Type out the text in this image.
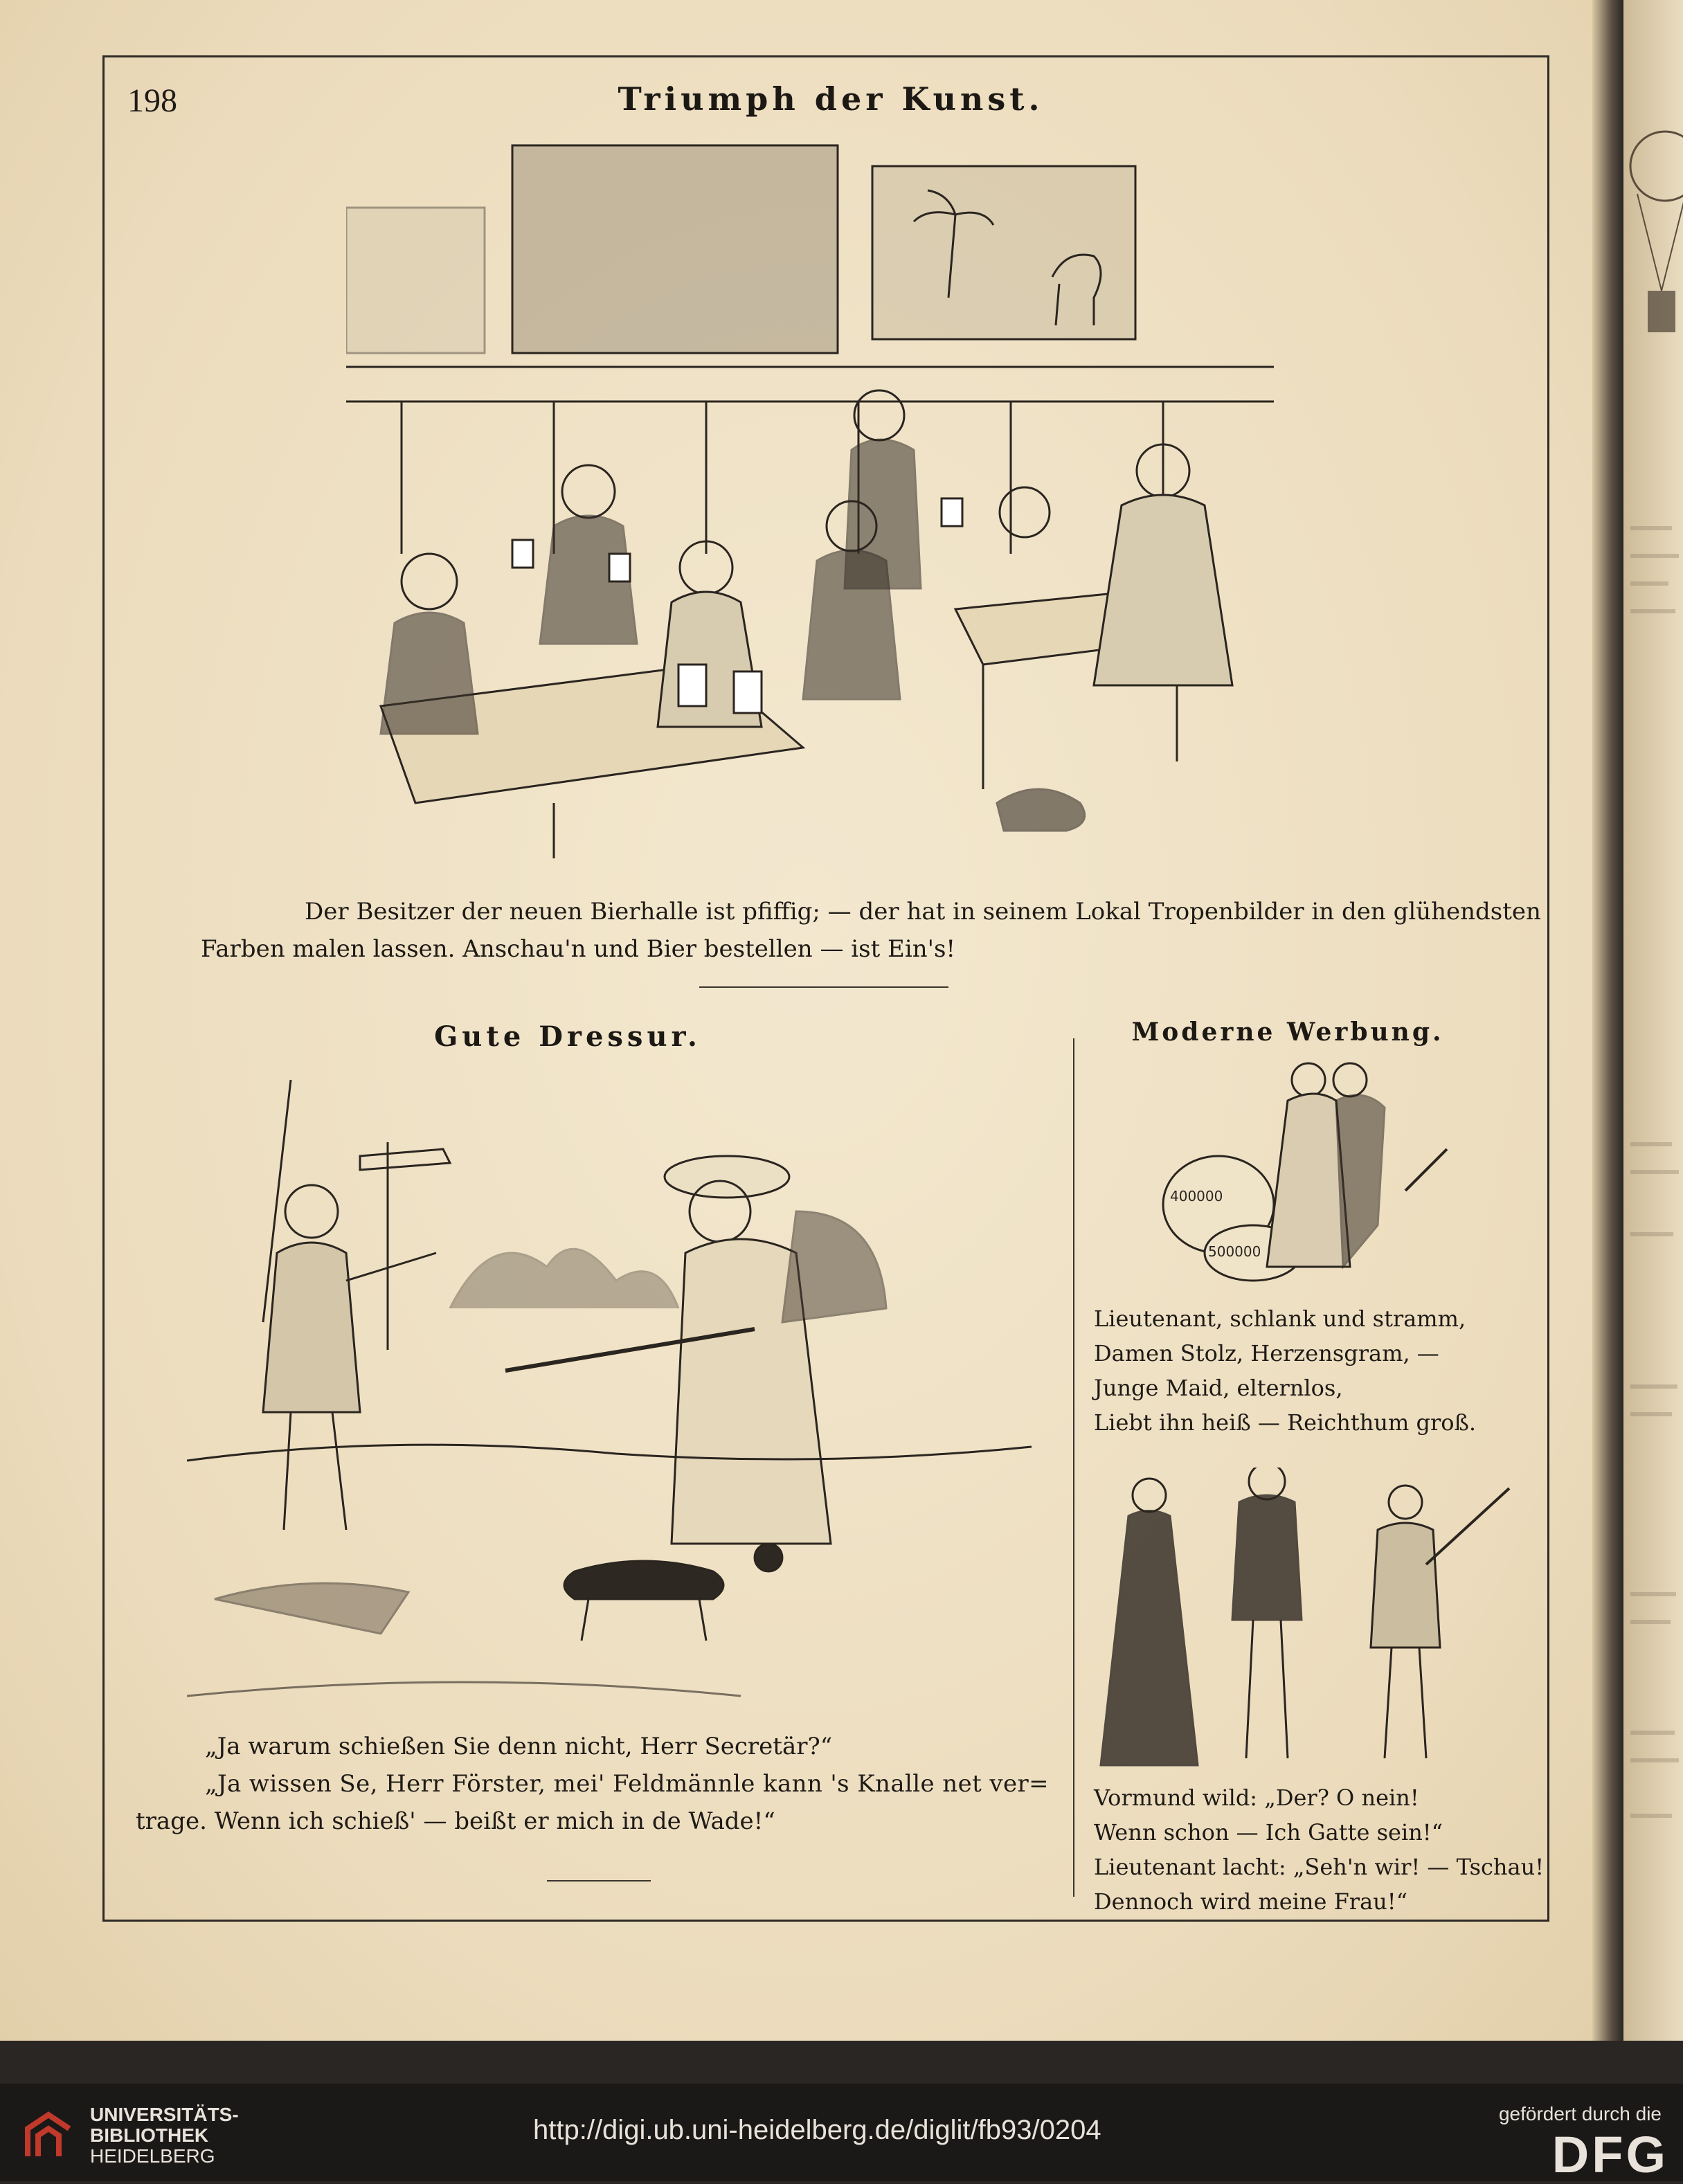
198	Triumph der Kunst.

Der Besitzer der neuen Bierhalle ist pfiffig; — der hat in seinem Lokal Tropenbilder in den glühendsten

Farben malen lassen. Anschau'n und Bier bestellen — ist Ein's!

Gute Dressur.

„Ja warum schießen Sie denn nicht, Herr Secretär?“

„Ja wissen Se, Herr Förster, mei' Feldmännle kann 's Knalle net ver=

trage. Wenn ich schieß' — beißt er mich in de Wade!“

Moderne Werbung.
400000
500000

Lieutenant, schlank und stramm,

Damen Stolz, Herzensgram, —

Junge Maid, elternlos,

Liebt ihn heiß — Reichthum groß.

Vormund wild: „Der? O nein!

Wenn schon — Ich Gatte sein!“

Lieutenant lacht: „Seh'n wir! — Tschau!

Dennoch wird meine Frau!“

UNIVERSITÄTS-
BIBLIOTHEK
HEIDELBERG
http://digi.ub.uni-heidelberg.de/diglit/fb93/0204
gefördert durch die
DFG
